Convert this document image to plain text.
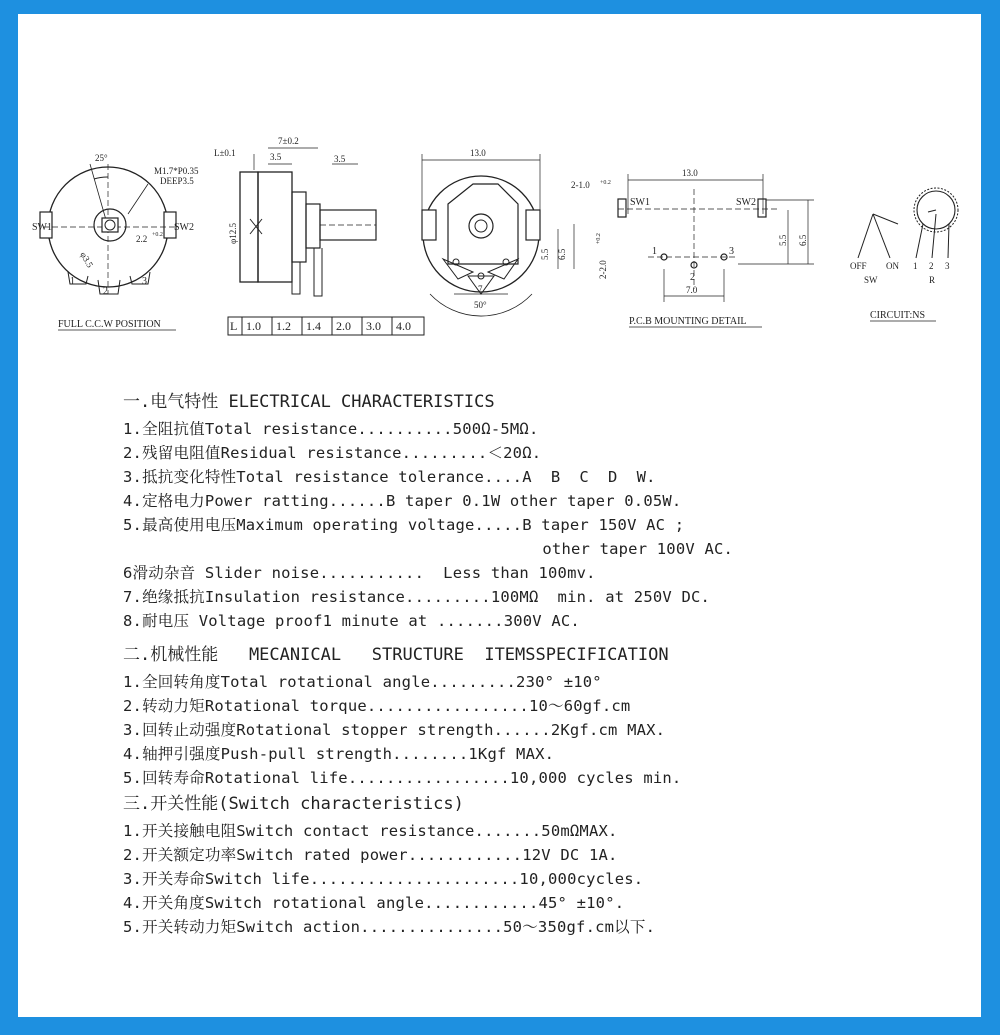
25°
M1.7*P0.35
DEEP3.5
SW1	SW2
φ3.5
2.2 +0.2
1
2
3
FULL C.C.W POSITION
L±0.1
7±0.2
3.5	3.5
φ12.5
L 1.0 1.2 1.4 2.0 3.0 4.0
13.0
5.5 6.5
7
50°
13.0
2-1.0 +0.2
2-2.0
+0.2
SW1	SW2
1
2
3
5.5 6.5
7.0
P.C.B MOUNTING DETAIL
OFF ON
SW
1 2 3
R
CIRCUIT:NS
一.电气特性 ELECTRICAL CHARACTERISTICS
1.全阻抗值Total resistance..........500Ω-5MΩ.
2.残留电阻值Residual resistance.........＜20Ω.
3.抵抗变化特性Total resistance tolerance....A  B  C  D  W.
4.定格电力Power ratting......B taper 0.1W other taper 0.05W.
5.最高使用电压Maximum operating voltage.....B taper 150V AC ;
other taper 100V AC.
6滑动杂音 Slider noise...........  Less than 100mv.
7.绝缘抵抗Insulation resistance.........100MΩ  min. at 250V DC.
8.耐电压 Voltage proof1 minute at .......300V AC.
二.机械性能   MECANICAL   STRUCTURE  ITEMSSPECIFICATION
1.全回转角度Total rotational angle.........230° ±10°
2.转动力矩Rotational torque.................10～60gf.cm
3.回转止动强度Rotational stopper strength......2Kgf.cm MAX.
4.轴押引强度Push-pull strength........1Kgf MAX.
5.回转寿命Rotational life.................10,000 cycles min.
三.开关性能(Switch characteristics)
1.开关接触电阻Switch contact resistance.......50mΩMAX.
2.开关额定功率Switch rated power............12V DC 1A.
3.开关寿命Switch life......................10,000cycles.
4.开关角度Switch rotational angle............45° ±10°.
5.开关转动力矩Switch action...............50～350gf.cm以下.
